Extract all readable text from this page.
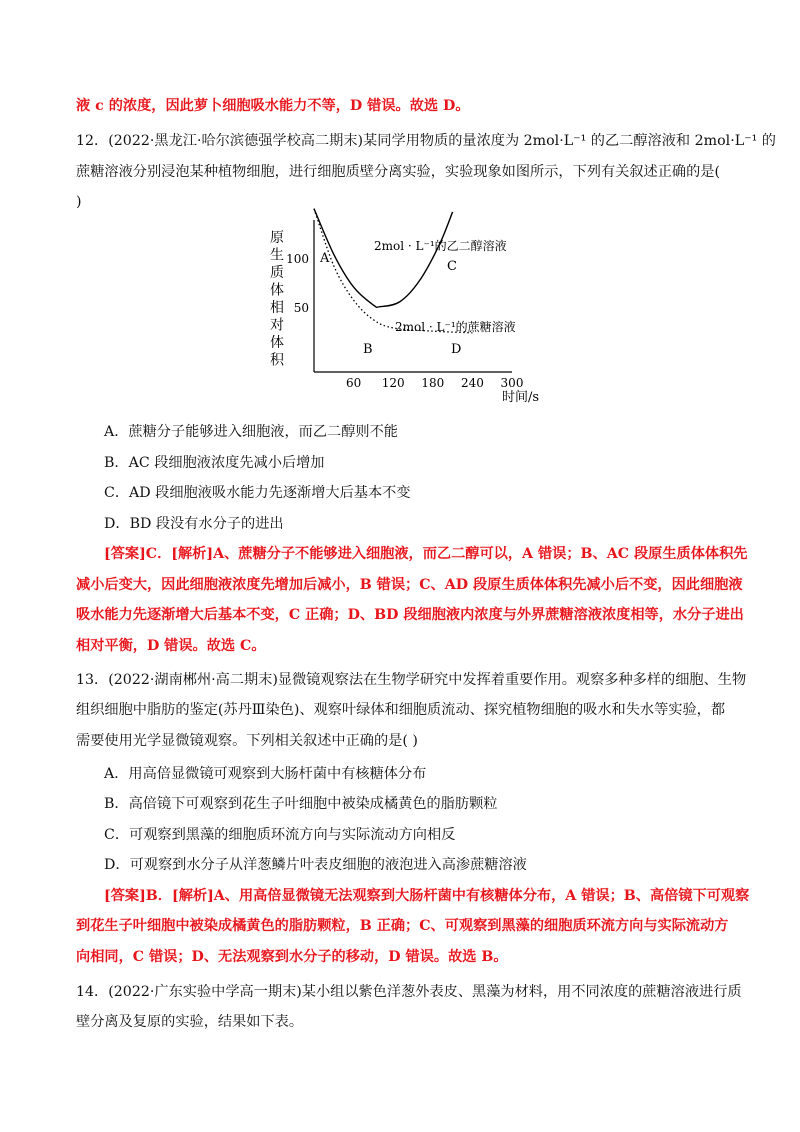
液 c 的浓度，因此萝卜细胞吸水能力不等，D 错误。故选 D。
12．(2022·黑龙江·哈尔滨德强学校高二期末)某同学用物质的量浓度为 2mol·L⁻¹ 的乙二醇溶液和 2mol·L⁻¹ 的
蔗糖溶液分别浸泡某种植物细胞，进行细胞质壁分离实验，实验现象如图所示，下列有关叙述正确的是(
)
原生质体相对体积
100
50
60 120 180 240 300
时间/s
2mol · L⁻¹的乙二醇溶液
2mol · L⁻¹的蔗糖溶液
A
B
C
D
A．蔗糖分子能够进入细胞液，而乙二醇则不能
B．AC 段细胞液浓度先减小后增加
C．AD 段细胞液吸水能力先逐渐增大后基本不变
D．BD 段没有水分子的进出
[答案]C．[解析]A、蔗糖分子不能够进入细胞液，而乙二醇可以，A 错误；B、AC 段原生质体体积先
减小后变大，因此细胞液浓度先增加后减小，B 错误；C、AD 段原生质体体积先减小后不变，因此细胞液
吸水能力先逐渐增大后基本不变，C 正确；D、BD 段细胞液内浓度与外界蔗糖溶液浓度相等，水分子进出
相对平衡，D 错误。故选 C。
13．(2022·湖南郴州·高二期末)显微镜观察法在生物学研究中发挥着重要作用。观察多种多样的细胞、生物
组织细胞中脂肪的鉴定(苏丹Ⅲ染色)、观察叶绿体和细胞质流动、探究植物细胞的吸水和失水等实验，都
需要使用光学显微镜观察。下列相关叙述中正确的是( )
A．用高倍显微镜可观察到大肠杆菌中有核糖体分布
B．高倍镜下可观察到花生子叶细胞中被染成橘黄色的脂肪颗粒
C．可观察到黑藻的细胞质环流方向与实际流动方向相反
D．可观察到水分子从洋葱鳞片叶表皮细胞的液泡进入高渗蔗糖溶液
[答案]B．[解析]A、用高倍显微镜无法观察到大肠杆菌中有核糖体分布，A 错误；B、高倍镜下可观察
到花生子叶细胞中被染成橘黄色的脂肪颗粒，B 正确；C、可观察到黑藻的细胞质环流方向与实际流动方
向相同，C 错误；D、无法观察到水分子的移动，D 错误。故选 B。
14．(2022·广东实验中学高一期末)某小组以紫色洋葱外表皮、黑藻为材料，用不同浓度的蔗糖溶液进行质
壁分离及复原的实验，结果如下表。
